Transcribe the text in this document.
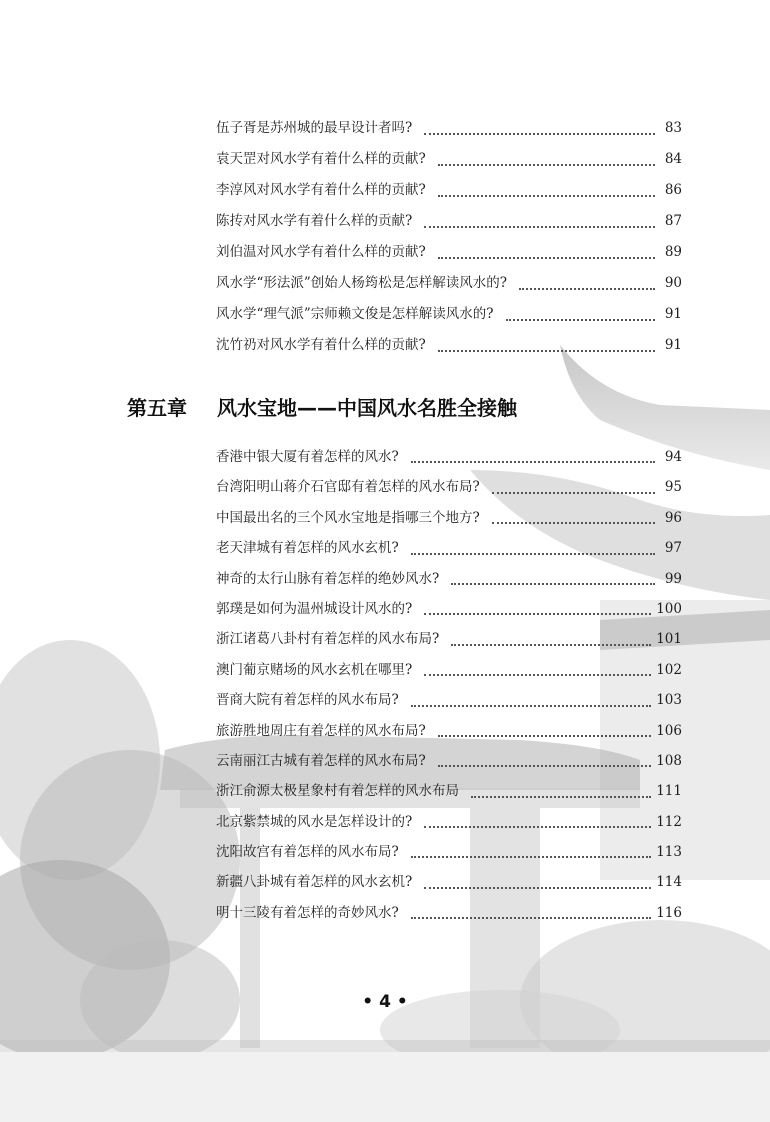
伍子胥是苏州城的最早设计者吗?	83
袁天罡对风水学有着什么样的贡献?	84
李淳风对风水学有着什么样的贡献?	86
陈抟对风水学有着什么样的贡献?	87
刘伯温对风水学有着什么样的贡献?	89
风水学“形法派”创始人杨筠松是怎样解读风水的?	90
风水学“理气派”宗师赖文俊是怎样解读风水的?	91
沈竹礽对风水学有着什么样的贡献?	91
第五章 风水宝地——中国风水名胜全接触
香港中银大厦有着怎样的风水?	94
台湾阳明山蒋介石官邸有着怎样的风水布局?	95
中国最出名的三个风水宝地是指哪三个地方?	96
老天津城有着怎样的风水玄机?	97
神奇的太行山脉有着怎样的绝妙风水?	99
郭璞是如何为温州城设计风水的?	100
浙江诸葛八卦村有着怎样的风水布局?	101
澳门葡京赌场的风水玄机在哪里?	102
晋商大院有着怎样的风水布局?	103
旅游胜地周庄有着怎样的风水布局?	106
云南丽江古城有着怎样的风水布局?	108
浙江俞源太极星象村有着怎样的风水布局	111
北京紫禁城的风水是怎样设计的?	112
沈阳故宫有着怎样的风水布局?	113
新疆八卦城有着怎样的风水玄机?	114
明十三陵有着怎样的奇妙风水?	116
• 4 •
